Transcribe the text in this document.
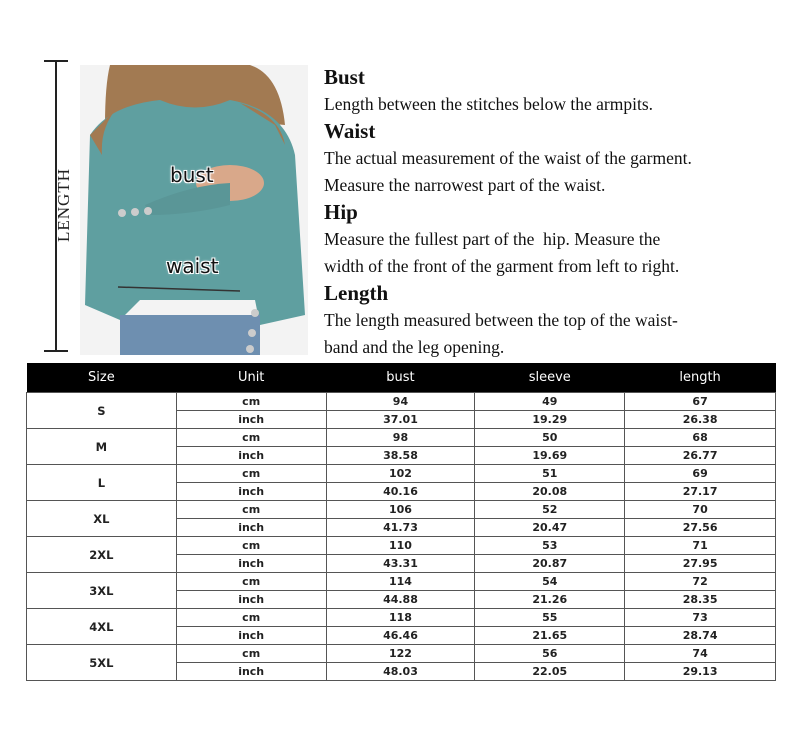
LENGTH	bust
waist
Bust

Length between the stitches below the armpits.

Waist

The actual measurement of the waist of the garment.

Measure the narrowest part of the waist.

Hip

Measure the fullest part of the  hip. Measure the

width of the front of the garment from left to right.

Length

The length measured between the top of the waist-

band and the leg opening.

Size	Unit	bust	sleeve	length
S	cm	94	49	67
	inch	37.01	19.29	26.38
M	cm	98	50	68
	inch	38.58	19.69	26.77
L	cm	102	51	69
	inch	40.16	20.08	27.17
XL	cm	106	52	70
	inch	41.73	20.47	27.56
2XL	cm	110	53	71
	inch	43.31	20.87	27.95
3XL	cm	114	54	72
	inch	44.88	21.26	28.35
4XL	cm	118	55	73
	inch	46.46	21.65	28.74
5XL	cm	122	56	74
	inch	48.03	22.05	29.13
